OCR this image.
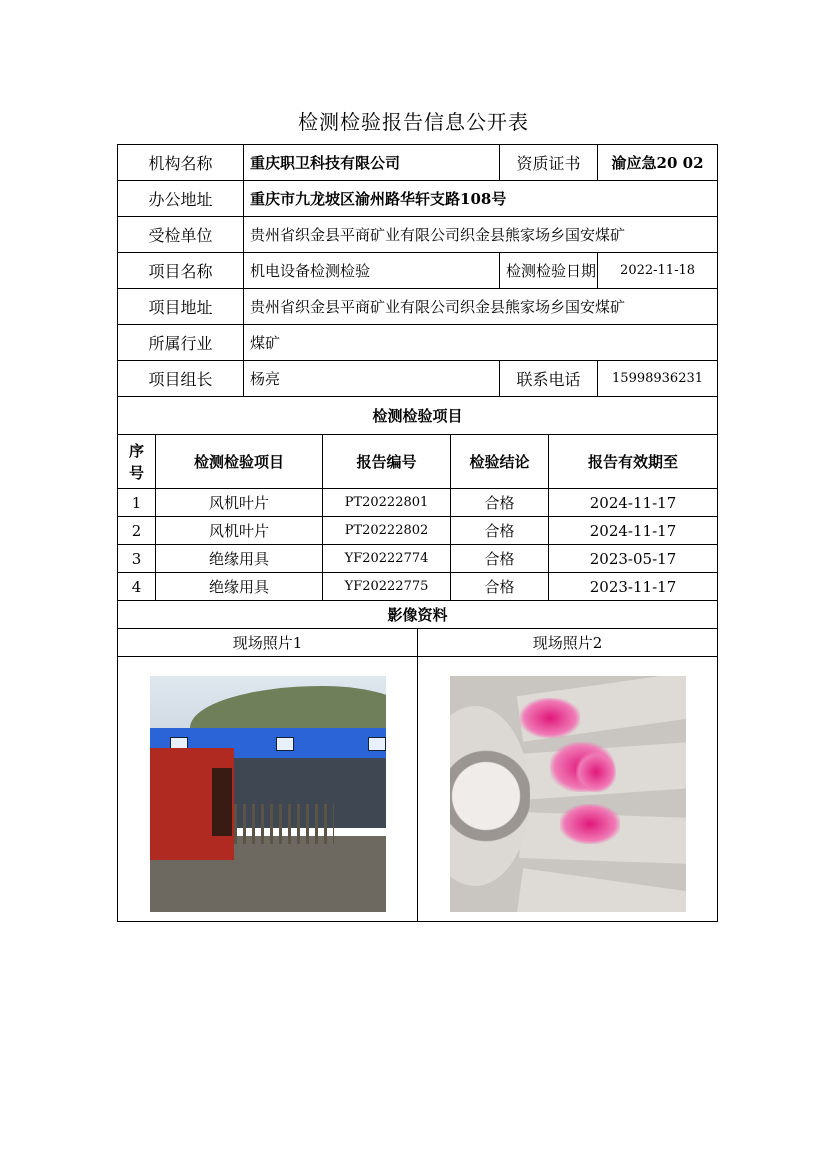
检测检验报告信息公开表
机构名称	重庆职卫科技有限公司	资质证书	渝应急20 02
办公地址	重庆市九龙坡区渝州路华轩支路108号		
受检单位	贵州省织金县平商矿业有限公司织金县熊家场乡国安煤矿		
项目名称	机电设备检测检验	检测检验日期	2022-11-18
项目地址	贵州省织金县平商矿业有限公司织金县熊家场乡国安煤矿		
所属行业	煤矿		
项目组长	杨亮	联系电话	15998936231
检测检验项目			
序
号	检测检验项目	报告编号	检验结论	报告有效期至
1	风机叶片	PT20222801	合格	2024-11-17
2	风机叶片	PT20222802	合格	2024-11-17
3	绝缘用具	YF20222774	合格	2023-05-17
4	绝缘用具	YF20222775	合格	2023-11-17
影像资料	
现场照片1	现场照片2
